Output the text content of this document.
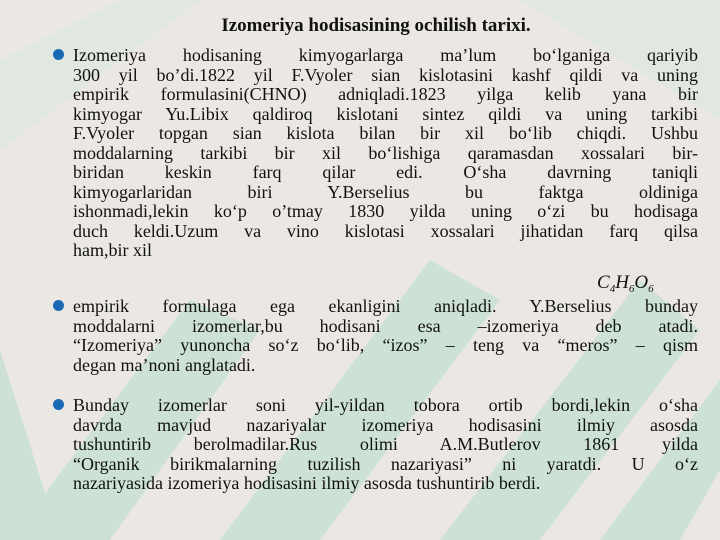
Izomeriya hodisasining ochilish tarixi.
Izomeriya hodisaning kimyogarlarga ma’lum bo‘lganiga qariyib
300 yil bo’di.1822 yil F.Vyoler sian kislotasini kashf qildi va uning
empirik formulasini(CHNO) adniqladi.1823 yilga kelib yana bir
kimyogar Yu.Libix qaldiroq kislotani sintez qildi va uning tarkibi
F.Vyoler topgan sian kislota bilan bir xil bo‘lib chiqdi. Ushbu
moddalarning tarkibi bir xil bo‘lishiga qaramasdan xossalari bir-
biridan keskin farq qilar edi. O‘sha davrning taniqli
kimyogarlaridan biri Y.Berselius bu faktga oldiniga
ishonmadi,lekin ko‘p o’tmay 1830 yilda uning o‘zi bu hodisaga
duch keldi.Uzum va vino kislotasi xossalari jihatidan farq qilsa
ham,bir xil
$C_4H_6O_6$
empirik formulaga ega ekanligini aniqladi. Y.Berselius bunday
moddalarni izomerlar,bu hodisani esa –izomeriya deb atadi.
“Izomeriya” yunoncha so‘z bo‘lib, “izos” – teng va “meros” – qism
degan ma’noni anglatadi.
Bunday izomerlar soni yil-yildan tobora ortib bordi,lekin o‘sha
davrda mavjud nazariyalar izomeriya hodisasini ilmiy asosda
tushuntirib berolmadilar.Rus olimi A.M.Butlerov 1861 yilda
“Organik birikmalarning tuzilish nazariyasi” ni yaratdi. U o‘z
nazariyasida izomeriya hodisasini ilmiy asosda tushuntirib berdi.
